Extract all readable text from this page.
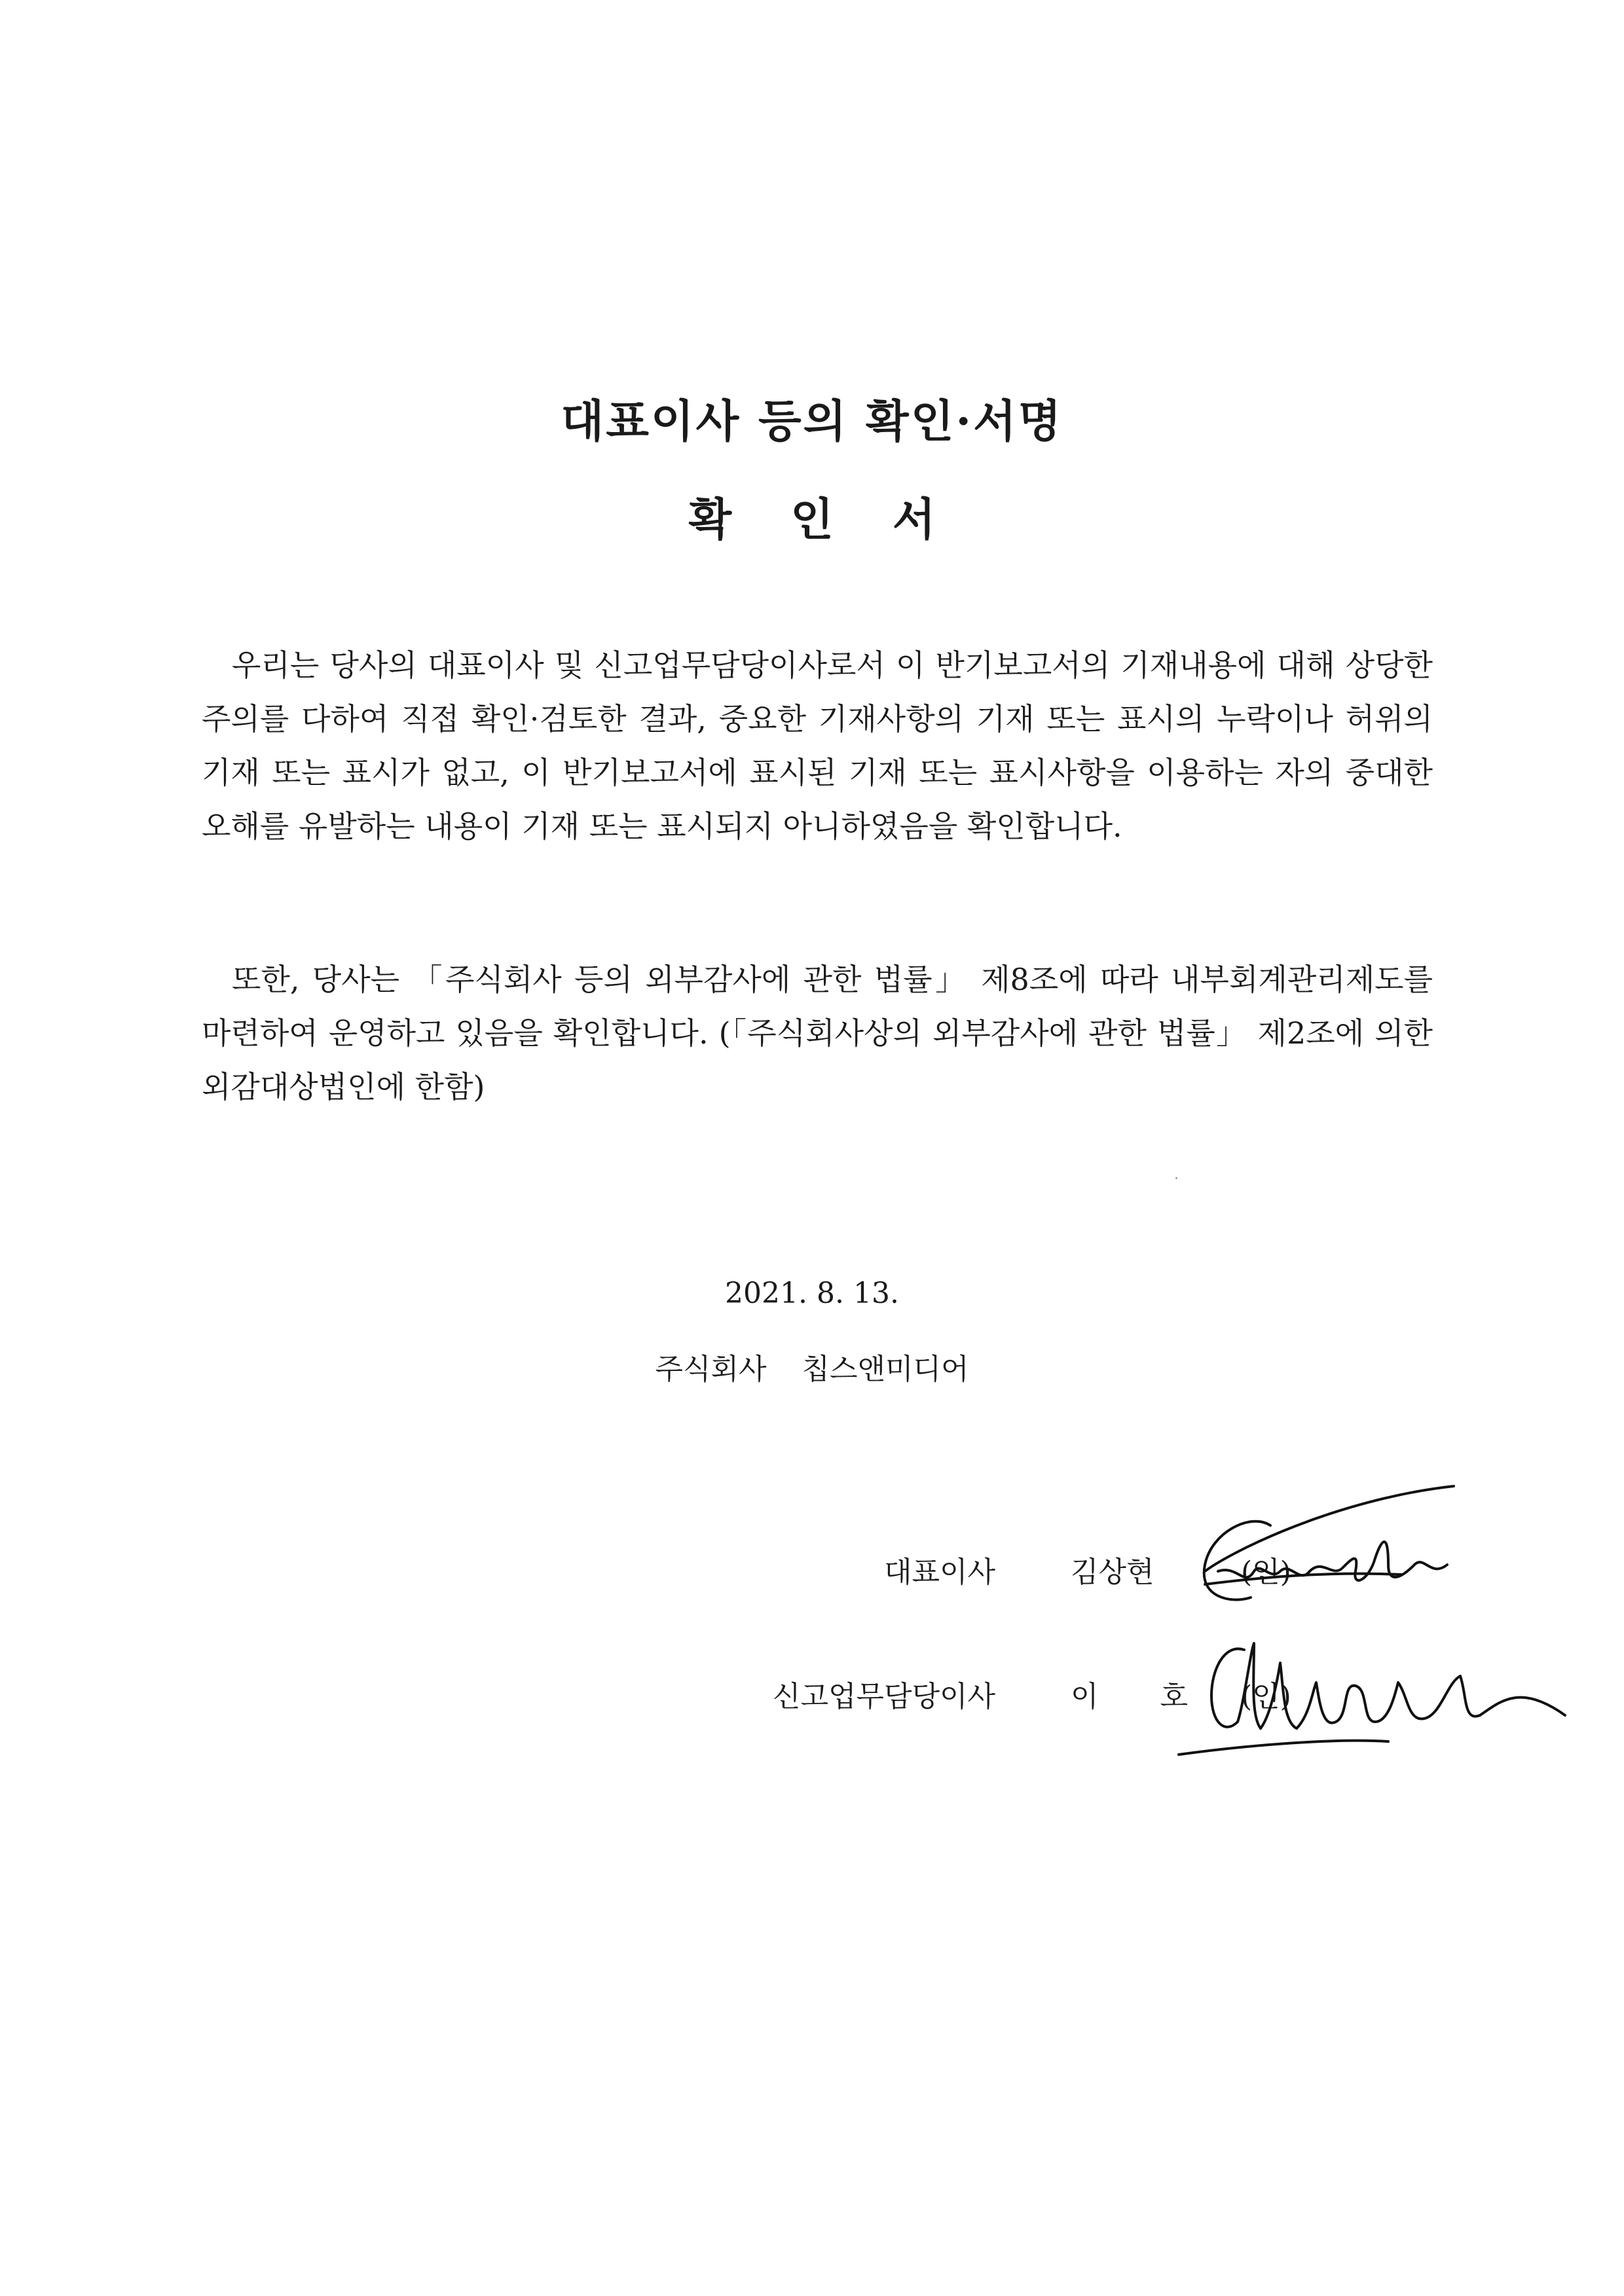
대표이사 등의 확인·서명
확인서

우리는 당사의 대표이사 및 신고업무담당이사로서 이 반기보고서의 기재내용에 대해 상당한 주의를 다하여 직접 확인·검토한 결과, 중요한 기재사항의 기재 또는 표시의 누락이나 허위의 기재 또는 표시가 없고, 이 반기보고서에 표시된 기재 또는 표시사항을 이용하는 자의 중대한 오해를 유발하는 내용이 기재 또는 표시되지 아니하였음을 확인합니다.

또한, 당사는 「주식회사 등의 외부감사에 관한 법률」 제8조에 따라 내부회계관리제도를 마련하여 운영하고 있음을 확인합니다. (「주식회사상의 외부감사에 관한 법률」 제2조에 의한 외감대상법인에 한함)

2021. 8. 13.
주식회사 칩스앤미디어
대표이사	김상현	(인)
신고업무담당이사	이 호 (인)
